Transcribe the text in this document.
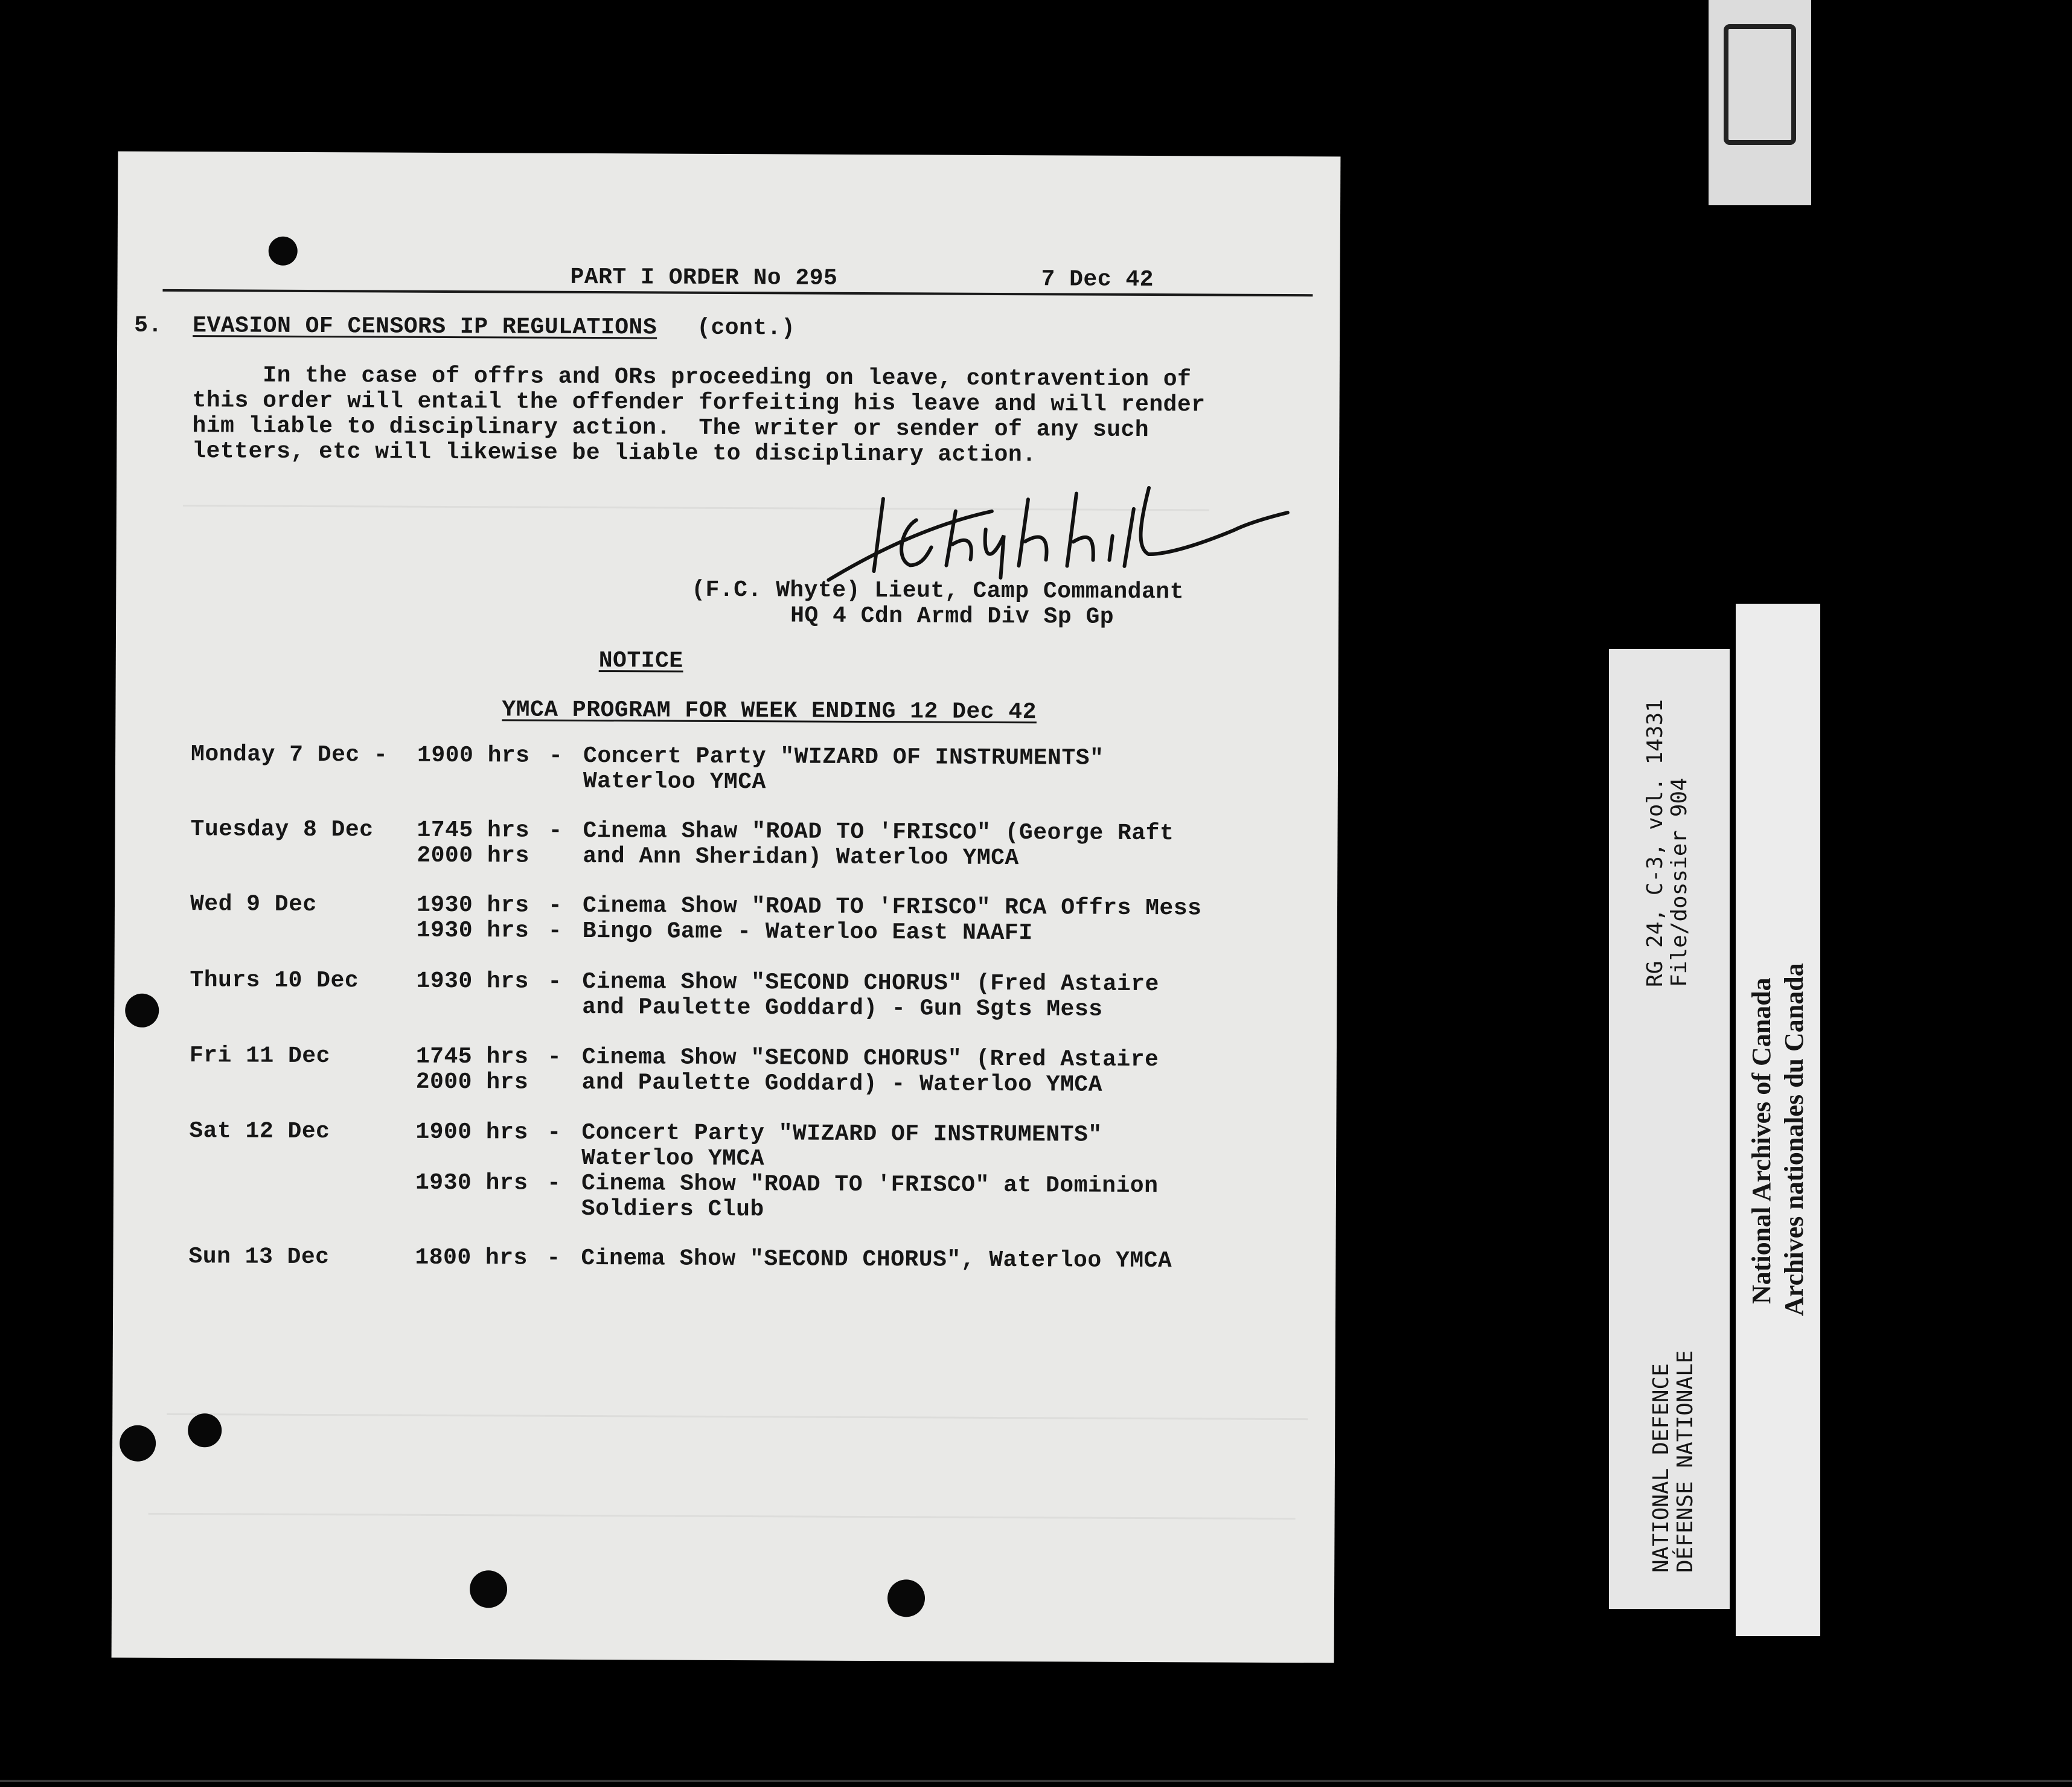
PART I ORDER No 295	7 Dec 42
5. EVASION OF CENSORS IP REGULATIONS (cont.)
In the case of offrs and ORs proceeding on leave, contravention of
this order will entail the offender forfeiting his leave and will render
him liable to disciplinary action.  The writer or sender of any such
letters, etc will likewise be liable to disciplinary action.
(F.C. Whyte) Lieut, Camp Commandant
HQ 4 Cdn Armd Div Sp Gp
NOTICE
YMCA PROGRAM FOR WEEK ENDING 12 Dec 42
Monday 7 Dec - 1900 hrs - Concert Party "WIZARD OF INSTRUMENTS"
Waterloo YMCA
Tuesday 8 Dec 1745 hrs - Cinema Shaw "ROAD TO 'FRISCO" (George Raft
2000 hrs and Ann Sheridan) Waterloo YMCA
Wed 9 Dec	1930 hrs - Cinema Show "ROAD TO 'FRISCO" RCA Offrs Mess
1930 hrs - Bingo Game - Waterloo East NAAFI
Thurs 10 Dec	1930 hrs - Cinema Show "SECOND CHORUS" (Fred Astaire
and Paulette Goddard) - Gun Sgts Mess
Fri 11 Dec	1745 hrs - Cinema Show "SECOND CHORUS" (Rred Astaire
2000 hrs and Paulette Goddard) - Waterloo YMCA
Sat 12 Dec	1900 hrs - Concert Party "WIZARD OF INSTRUMENTS"
Waterloo YMCA
1930 hrs - Cinema Show "ROAD TO 'FRISCO" at Dominion
Soldiers Club
Sun 13 Dec	1800 hrs - Cinema Show "SECOND CHORUS", Waterloo YMCA
RG 24, C-3, vol. 14331 File/dossier 904
NATIONAL DEFENCE DÉFENSE NATIONALE
National Archives of Canada Archives nationales du Canada
